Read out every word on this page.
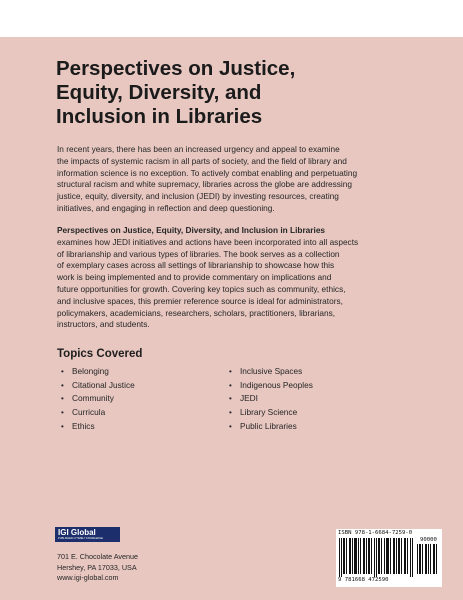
Perspectives on Justice,
Equity, Diversity, and
Inclusion in Libraries

In recent years, there has been an increased urgency and appeal to examine
the impacts of systemic racism in all parts of society, and the field of library and
information science is no exception. To actively combat enabling and perpetuating
structural racism and white supremacy, libraries across the globe are addressing
justice, equity, diversity, and inclusion (JEDI) by investing resources, creating
initiatives, and engaging in reflection and deep questioning.

Perspectives on Justice, Equity, Diversity, and Inclusion in Libraries
examines how JEDI initiatives and actions have been incorporated into all aspects
of librarianship and various types of libraries. The book serves as a collection
of exemplary cases across all settings of librarianship to showcase how this
work is being implemented and to provide commentary on implications and
future opportunities for growth. Covering key topics such as community, ethics,
and inclusive spaces, this premier reference source is ideal for administrators,
policymakers, academicians, researchers, scholars, practitioners, librarians,
instructors, and students.

Topics Covered
• Belonging
• Citational Justice
• Community
• Curricula
• Ethics
• Inclusive Spaces
• Indigenous Peoples
• JEDI
• Library Science
• Public Libraries
IGI Global
PUBLISHER of TIMELY KNOWLEDGE

701 E. Chocolate Avenue
Hershey, PA 17033, USA
www.igi-global.com

ISBN 978-1-6684-7259-0
90000
9 781668 472590
